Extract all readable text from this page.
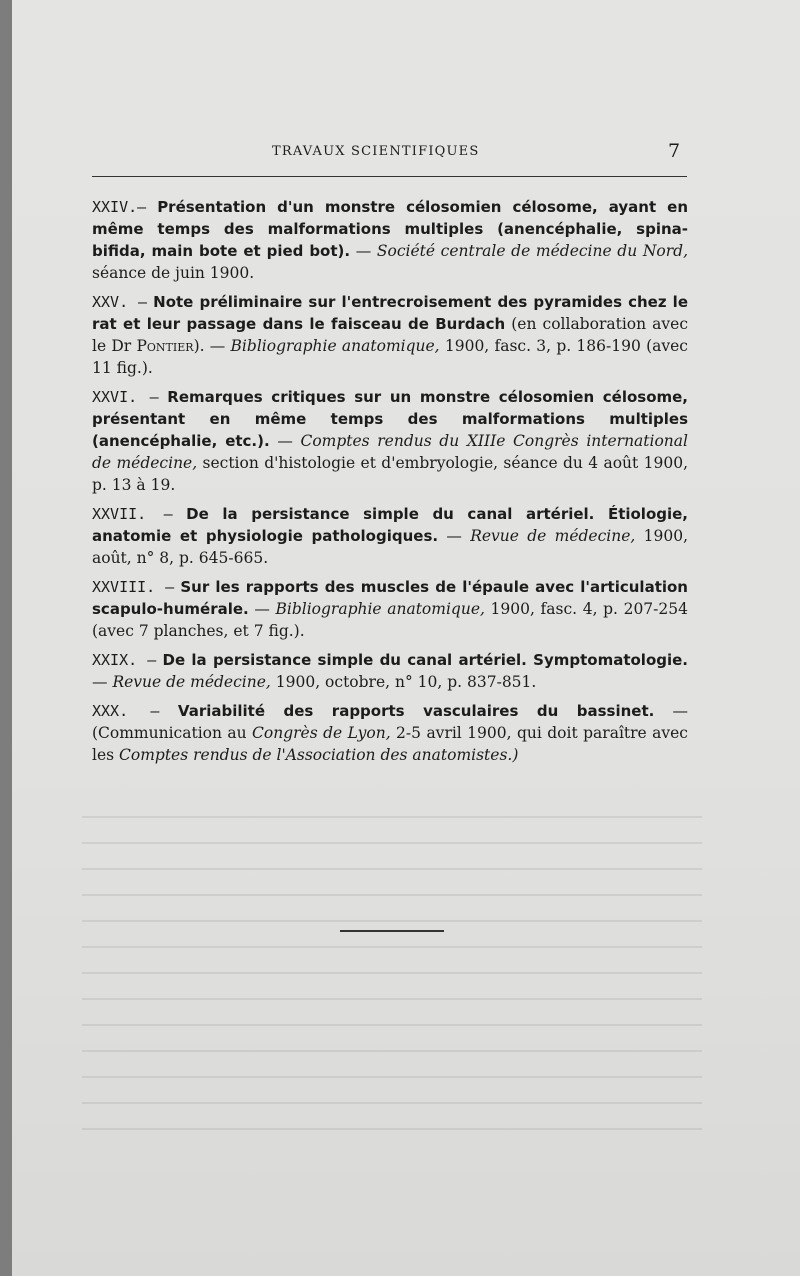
TRAVAUX SCIENTIFIQUES	7

XXIV.— Présentation d'un monstre célosomien célosome, ayant en même temps des malformations multiples (anencéphalie, spina-bifida, main bote et pied bot). — Société centrale de médecine du Nord, séance de juin 1900.

XXV. — Note préliminaire sur l'entrecroisement des pyramides chez le rat et leur passage dans le faisceau de Burdach (en collaboration avec le Dr Pontier). — Bibliographie anatomique, 1900, fasc. 3, p. 186-190 (avec 11 fig.).

XXVI. — Remarques critiques sur un monstre célosomien célosome, présentant en même temps des malformations multiples (anencéphalie, etc.). — Comptes rendus du XIIIe Congrès international de médecine, section d'histologie et d'embryologie, séance du 4 août 1900, p. 13 à 19.

XXVII. — De la persistance simple du canal artériel. Étiologie, anatomie et physiologie pathologiques. — Revue de médecine, 1900, août, n° 8, p. 645-665.

XXVIII. — Sur les rapports des muscles de l'épaule avec l'articulation scapulo-humérale. — Bibliographie anatomique, 1900, fasc. 4, p. 207-254 (avec 7 planches, et 7 fig.).

XXIX. — De la persistance simple du canal artériel. Symptomatologie. — Revue de médecine, 1900, octobre, n° 10, p. 837-851.

XXX. — Variabilité des rapports vasculaires du bassinet. — (Communication au Congrès de Lyon, 2-5 avril 1900, qui doit paraître avec les Comptes rendus de l'Association des anatomistes.)
